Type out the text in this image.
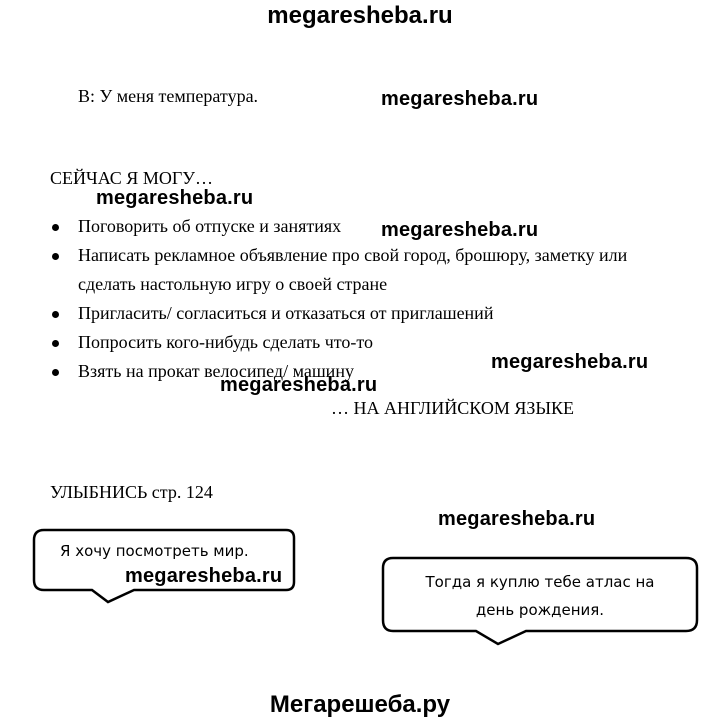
megaresheba.ru
B: У меня температура.	megaresheba.ru
СЕЙЧАС Я МОГУ…
megaresheba.ru
Поговорить об отпуске и занятиях
Написать рекламное объявление про свой город, брошюру, заметку или сделать настольную игру о своей стране
Пригласить/ согласиться и отказаться от приглашений
Попросить кого-нибудь сделать что-то
Взять на прокат велосипед/ машину
megaresheba.ru
megaresheba.ru
megaresheba.ru
… НА АНГЛИЙСКОМ ЯЗЫКЕ
УЛЫБНИСЬ стр. 124
megaresheba.ru
Я хочу посмотреть мир.
megaresheba.ru	Тогда я куплю тебе атлас на
день рождения.
Мегарешеба.ру
